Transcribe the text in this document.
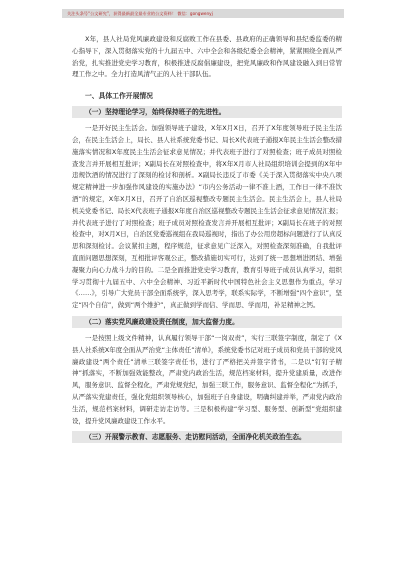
关注头条号“公文研究”，获得最新最全最专业的公文资料！ 微信：gongwenyj

X年，县人社局党风廉政建设和反腐败工作在县委、县政府的正确领导和县纪委监委的精心指导下，深入贯彻落实党的十九届五中、六中全会和各级纪委全会精神，紧紧围绕全面从严治党，扎实推进党史学习教育，积极推进反腐倡廉建设，把党风廉政和作风建设融入到日常管理工作之中。全力打造风清气正的人社干部队伍。

一、具体工作开展情况
（一）坚持理论学习，始终保持班子的先进性。

一是开好民主生活会。加强领导班子建设，X年X月X日，召开了X年度领导班子民主生活会，在民主生活会上，局长、县人社系统党委书记、局长X代表班子通报X年民主生活会整改措施落实情况和X年度民主生活会征求意见情况；并代表班子进行了对照检查；班子成员对照检查发言并开展相互批评；X副局长在对照检查中，将X年X月市人社局组织培训会提到的X年中违规饮酒的情况进行了深刻的检讨和剖析。X副局长违反了市委《关于深入贯彻落实中央八项规定精神进一步加强作风建设的实施办法》“市内公务活动一律不准上酒，工作日一律不准饮酒”的规定，X年X月X日，召开了自治区巡视整改专题民主生活会。民主生活会上，县人社局机关党委书记、局长X代表班子通报X年度自治区巡视整改专题民主生活会征求意见情况汇报；并代表班子进行了对照检查；班子成员对照检查发言并开展相互批评；X副局长在班子的对照检查中，对X月X日，自治区党委巡视组在我局巡视时，指出了办公用房超标问题进行了认真反思和深刻检讨。会议紧扣主题，程序规范，征求意见广泛深入，对照检查深刻准确，自我批评直面问题思想深刻，互相批评客观公正，整改措施切实可行，达到了统一思想增进团结、增强凝聚力向心力战斗力的目的。二是全面推进党史学习教育，教育引导班子成员认真学习，组织学习贯彻十九届五中、六中全会精神、习近平新时代中国特色社会主义思想作为重点，学习《……》，引导广大党员干部全面系统学，深入思考学，联系实际学，不断增强“四个意识”，坚定“四个自信”，做到“两个维护”，真正做到学而信、学而思、学而用，补足精神之钙。

（二）落实党风廉政建设责任制度，加大监督力度。

一是按照上级文件精神，认真履行领导干部“一岗双责”，实行三联签字制度，制定了《X县人社系统X年度全面从严治党“主体责任”清单》，系统党委书记对班子成员和党员干部的党风廉政建设“两个责任”清单三联签字责任书，进行了严格把关并签字背书，二是以“钉钉子精神”抓落实，不断加强效能整改，严肃党内政治生活，规范档案材料，提升党建质量，改进作风，服务意识、监督全程化，严肃党规党纪，加强三联工作，服务意识、监督全程化”为抓手，从严落实党建责任，强化党组织领导核心，加强班子自身建设，明确纠建并举，严肃党内政治生活，规范档案材料，调研走访走访等。三是积极构建“学习型、服务型、创新型”党组织建设，提升党风廉政建设工作水平。

（三）开展警示教育、志愿服务、走访慰问活动，全面净化机关政治生态。
